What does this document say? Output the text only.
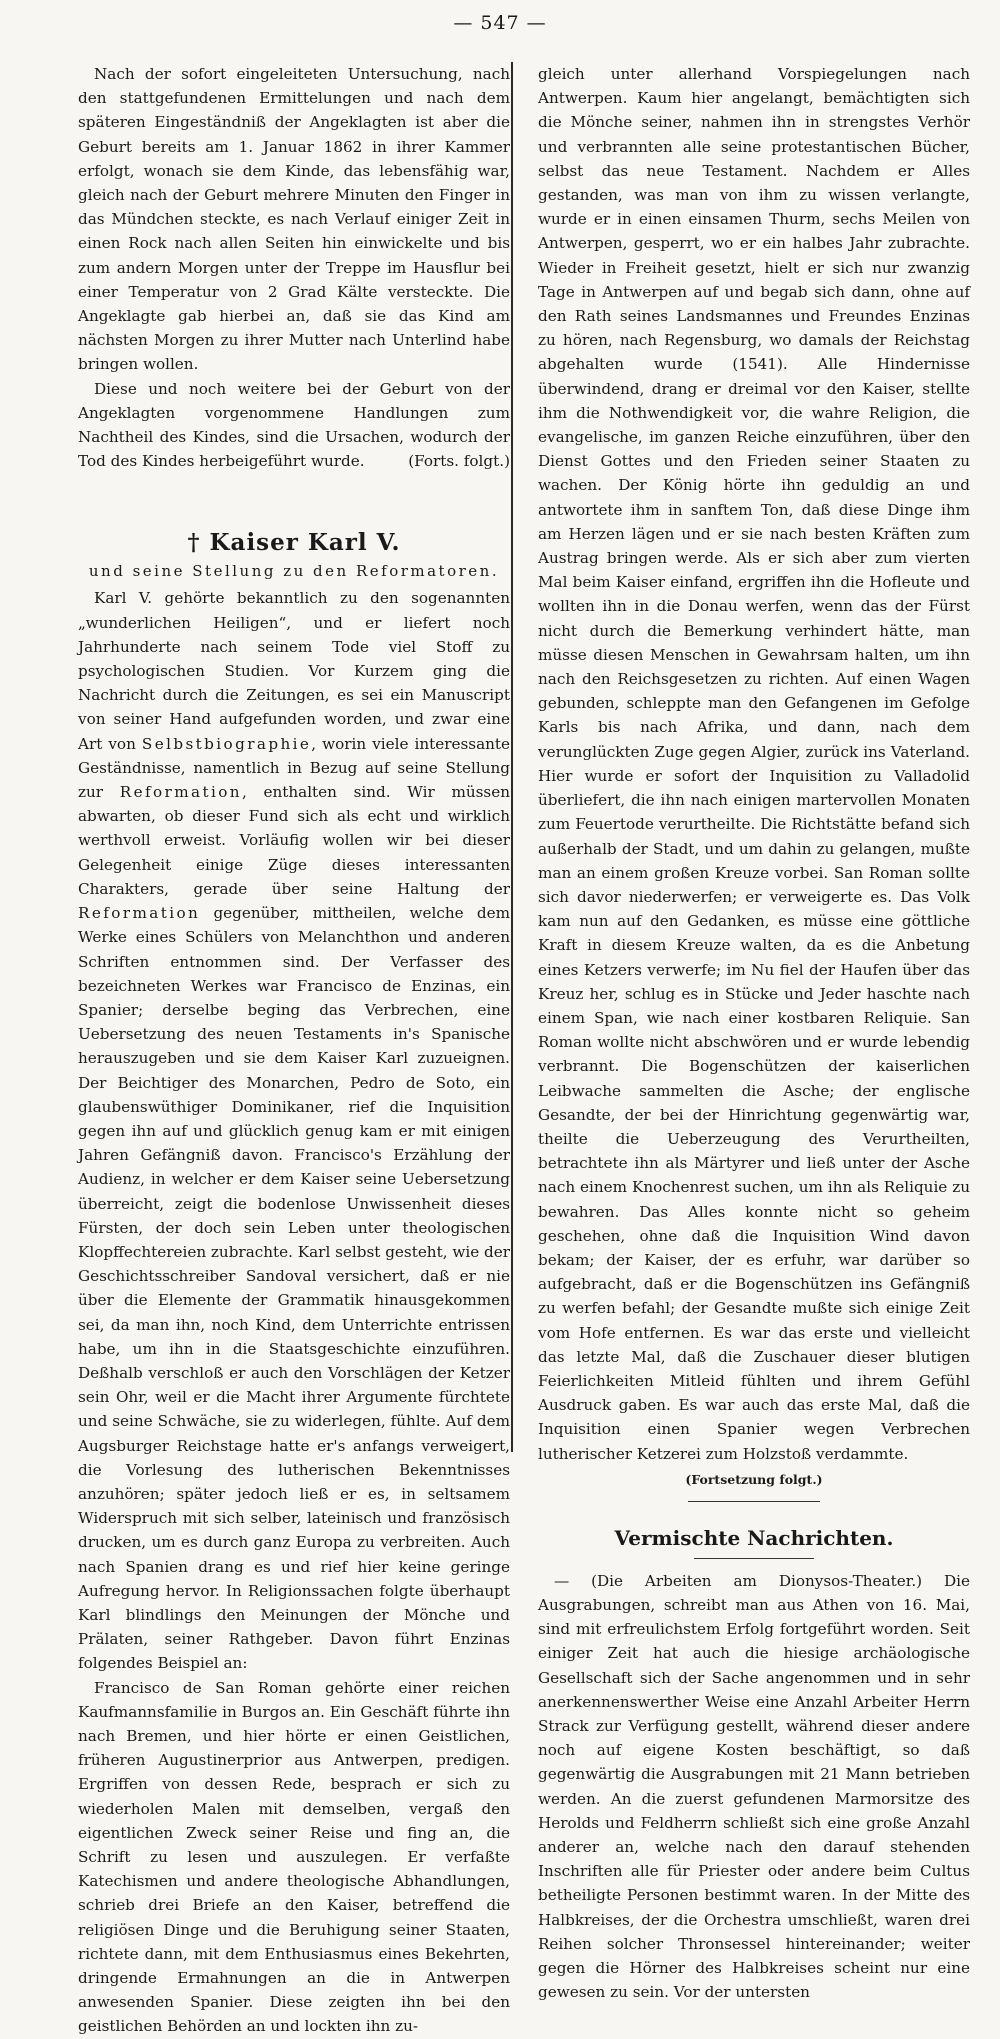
— 547 —

Nach der sofort eingeleiteten Untersuchung, nach den stattgefundenen Ermittelungen und nach dem späteren Eingeständniß der Angeklagten ist aber die Geburt bereits am 1. Januar 1862 in ihrer Kammer erfolgt, wonach sie dem Kinde, das lebensfähig war, gleich nach der Geburt mehrere Minuten den Finger in das Mündchen steckte, es nach Verlauf einiger Zeit in einen Rock nach allen Seiten hin einwickelte und bis zum andern Morgen unter der Treppe im Hausflur bei einer Temperatur von 2 Grad Kälte versteckte. Die Angeklagte gab hierbei an, daß sie das Kind am nächsten Morgen zu ihrer Mutter nach Unterlind habe bringen wollen.

Diese und noch weitere bei der Geburt von der Angeklagten vorgenommene Handlungen zum Nachtheil des Kindes, sind die Ursachen, wodurch der Tod des Kindes herbeigeführt wurde.	(Forts. folgt.)

† Kaiser Karl V.
und seine Stellung zu den Reformatoren.

Karl V. gehörte bekanntlich zu den sogenannten „wunderlichen Heiligen“, und er liefert noch Jahrhunderte nach seinem Tode viel Stoff zu psychologischen Studien. Vor Kurzem ging die Nachricht durch die Zeitungen, es sei ein Manuscript von seiner Hand aufgefunden worden, und zwar eine Art von Selbstbiographie, worin viele interessante Geständnisse, namentlich in Bezug auf seine Stellung zur Reformation, enthalten sind. Wir müssen abwarten, ob dieser Fund sich als echt und wirklich werthvoll erweist. Vorläufig wollen wir bei dieser Gelegenheit einige Züge dieses interessanten Charakters, gerade über seine Haltung der Reformation gegenüber, mittheilen, welche dem Werke eines Schülers von Melanchthon und anderen Schriften entnommen sind. Der Verfasser des bezeichneten Werkes war Francisco de Enzinas, ein Spanier; derselbe beging das Verbrechen, eine Uebersetzung des neuen Testaments in's Spanische herauszugeben und sie dem Kaiser Karl zuzueignen. Der Beichtiger des Monarchen, Pedro de Soto, ein glaubenswüthiger Dominikaner, rief die Inquisition gegen ihn auf und glücklich genug kam er mit einigen Jahren Gefängniß davon. Francisco's Erzählung der Audienz, in welcher er dem Kaiser seine Uebersetzung überreicht, zeigt die bodenlose Unwissenheit dieses Fürsten, der doch sein Leben unter theologischen Klopffechtereien zubrachte. Karl selbst gesteht, wie der Geschichtsschreiber Sandoval versichert, daß er nie über die Elemente der Grammatik hinausgekommen sei, da man ihn, noch Kind, dem Unterrichte entrissen habe, um ihn in die Staatsgeschichte einzuführen. Deßhalb verschloß er auch den Vorschlägen der Ketzer sein Ohr, weil er die Macht ihrer Argumente fürchtete und seine Schwäche, sie zu widerlegen, fühlte. Auf dem Augsburger Reichstage hatte er's anfangs verweigert, die Vorlesung des lutherischen Bekenntnisses anzuhören; später jedoch ließ er es, in seltsamem Widerspruch mit sich selber, lateinisch und französisch drucken, um es durch ganz Europa zu verbreiten. Auch nach Spanien drang es und rief hier keine geringe Aufregung hervor. In Religionssachen folgte überhaupt Karl blindlings den Meinungen der Mönche und Prälaten, seiner Rathgeber. Davon führt Enzinas folgendes Beispiel an:

Francisco de San Roman gehörte einer reichen Kaufmannsfamilie in Burgos an. Ein Geschäft führte ihn nach Bremen, und hier hörte er einen Geistlichen, früheren Augustinerprior aus Antwerpen, predigen. Ergriffen von dessen Rede, besprach er sich zu wiederholen Malen mit demselben, vergaß den eigentlichen Zweck seiner Reise und fing an, die Schrift zu lesen und auszulegen. Er verfaßte Katechismen und andere theologische Abhandlungen, schrieb drei Briefe an den Kaiser, betreffend die religiösen Dinge und die Beruhigung seiner Staaten, richtete dann, mit dem Enthusiasmus eines Bekehrten, dringende Ermahnungen an die in Antwerpen anwesenden Spanier. Diese zeigten ihn bei den geistlichen Behörden an und lockten ihn zu-

gleich unter allerhand Vorspiegelungen nach Antwerpen. Kaum hier angelangt, bemächtigten sich die Mönche seiner, nahmen ihn in strengstes Verhör und verbrannten alle seine protestantischen Bücher, selbst das neue Testament. Nachdem er Alles gestanden, was man von ihm zu wissen verlangte, wurde er in einen einsamen Thurm, sechs Meilen von Antwerpen, gesperrt, wo er ein halbes Jahr zubrachte. Wieder in Freiheit gesetzt, hielt er sich nur zwanzig Tage in Antwerpen auf und begab sich dann, ohne auf den Rath seines Landsmannes und Freundes Enzinas zu hören, nach Regensburg, wo damals der Reichstag abgehalten wurde (1541). Alle Hindernisse überwindend, drang er dreimal vor den Kaiser, stellte ihm die Nothwendigkeit vor, die wahre Religion, die evangelische, im ganzen Reiche einzuführen, über den Dienst Gottes und den Frieden seiner Staaten zu wachen. Der König hörte ihn geduldig an und antwortete ihm in sanftem Ton, daß diese Dinge ihm am Herzen lägen und er sie nach besten Kräften zum Austrag bringen werde. Als er sich aber zum vierten Mal beim Kaiser einfand, ergriffen ihn die Hofleute und wollten ihn in die Donau werfen, wenn das der Fürst nicht durch die Bemerkung verhindert hätte, man müsse diesen Menschen in Gewahrsam halten, um ihn nach den Reichsgesetzen zu richten. Auf einen Wagen gebunden, schleppte man den Gefangenen im Gefolge Karls bis nach Afrika, und dann, nach dem verunglückten Zuge gegen Algier, zurück ins Vaterland. Hier wurde er sofort der Inquisition zu Valladolid überliefert, die ihn nach einigen martervollen Monaten zum Feuertode verurtheilte. Die Richtstätte befand sich außerhalb der Stadt, und um dahin zu gelangen, mußte man an einem großen Kreuze vorbei. San Roman sollte sich davor niederwerfen; er verweigerte es. Das Volk kam nun auf den Gedanken, es müsse eine göttliche Kraft in diesem Kreuze walten, da es die Anbetung eines Ketzers verwerfe; im Nu fiel der Haufen über das Kreuz her, schlug es in Stücke und Jeder haschte nach einem Span, wie nach einer kostbaren Reliquie. San Roman wollte nicht abschwören und er wurde lebendig verbrannt. Die Bogenschützen der kaiserlichen Leibwache sammelten die Asche; der englische Gesandte, der bei der Hinrichtung gegenwärtig war, theilte die Ueberzeugung des Verurtheilten, betrachtete ihn als Märtyrer und ließ unter der Asche nach einem Knochenrest suchen, um ihn als Reliquie zu bewahren. Das Alles konnte nicht so geheim geschehen, ohne daß die Inquisition Wind davon bekam; der Kaiser, der es erfuhr, war darüber so aufgebracht, daß er die Bogenschützen ins Gefängniß zu werfen befahl; der Gesandte mußte sich einige Zeit vom Hofe entfernen. Es war das erste und vielleicht das letzte Mal, daß die Zuschauer dieser blutigen Feierlichkeiten Mitleid fühlten und ihrem Gefühl Ausdruck gaben. Es war auch das erste Mal, daß die Inquisition einen Spanier wegen Verbrechen lutherischer Ketzerei zum Holzstoß verdammte.

(Fortsetzung folgt.)
Vermischte Nachrichten.

— (Die Arbeiten am Dionysos-Theater.) Die Ausgrabungen, schreibt man aus Athen von 16. Mai, sind mit erfreulichstem Erfolg fortgeführt worden. Seit einiger Zeit hat auch die hiesige archäologische Gesellschaft sich der Sache angenommen und in sehr anerkennenswerther Weise eine Anzahl Arbeiter Herrn Strack zur Verfügung gestellt, während dieser andere noch auf eigene Kosten beschäftigt, so daß gegenwärtig die Ausgrabungen mit 21 Mann betrieben werden. An die zuerst gefundenen Marmorsitze des Herolds und Feldherrn schließt sich eine große Anzahl anderer an, welche nach den darauf stehenden Inschriften alle für Priester oder andere beim Cultus betheiligte Personen bestimmt waren. In der Mitte des Halbkreises, der die Orchestra umschließt, waren drei Reihen solcher Thronsessel hintereinander; weiter gegen die Hörner des Halbkreises scheint nur eine gewesen zu sein. Vor der untersten
